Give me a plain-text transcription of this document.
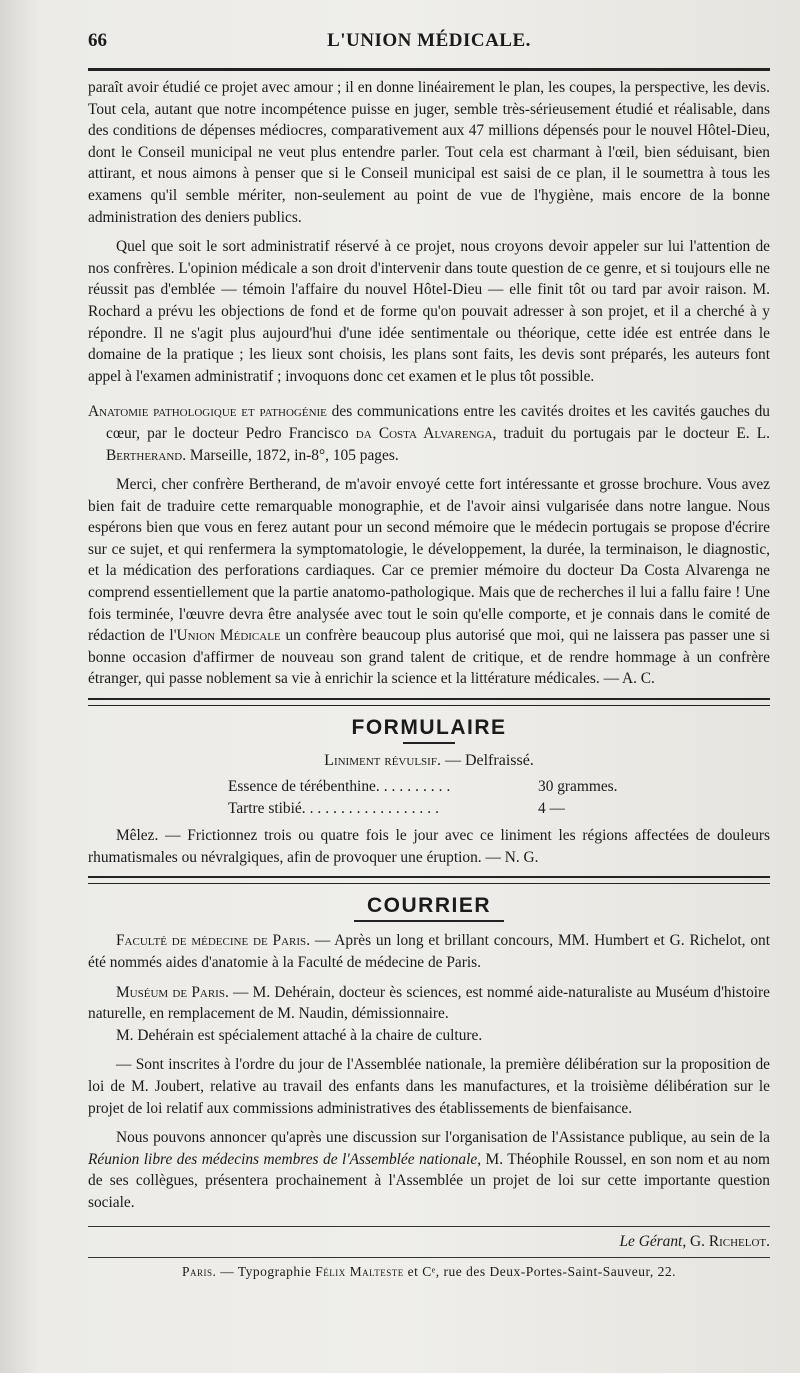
66	L'UNION MÉDICALE.

paraît avoir étudié ce projet avec amour ; il en donne linéairement le plan, les coupes, la perspective, les devis. Tout cela, autant que notre incompétence puisse en juger, semble très-sérieusement étudié et réalisable, dans des conditions de dépenses médiocres, comparativement aux 47 millions dépensés pour le nouvel Hôtel-Dieu, dont le Conseil municipal ne veut plus entendre parler. Tout cela est charmant à l'œil, bien séduisant, bien attirant, et nous aimons à penser que si le Conseil municipal est saisi de ce plan, il le soumettra à tous les examens qu'il semble mériter, non-seulement au point de vue de l'hygiène, mais encore de la bonne administration des deniers publics.

Quel que soit le sort administratif réservé à ce projet, nous croyons devoir appeler sur lui l'attention de nos confrères. L'opinion médicale a son droit d'intervenir dans toute question de ce genre, et si toujours elle ne réussit pas d'emblée — témoin l'affaire du nouvel Hôtel-Dieu — elle finit tôt ou tard par avoir raison. M. Rochard a prévu les objections de fond et de forme qu'on pouvait adresser à son projet, et il a cherché à y répondre. Il ne s'agit plus aujourd'hui d'une idée sentimentale ou théorique, cette idée est entrée dans le domaine de la pratique ; les lieux sont choisis, les plans sont faits, les devis sont préparés, les auteurs font appel à l'examen administratif ; invoquons donc cet examen et le plus tôt possible.

Anatomie pathologique et pathogénie des communications entre les cavités droites et les cavités gauches du cœur, par le docteur Pedro Francisco da Costa Alvarenga, traduit du portugais par le docteur E. L. Bertherand. Marseille, 1872, in-8°, 105 pages.

Merci, cher confrère Bertherand, de m'avoir envoyé cette fort intéressante et grosse brochure. Vous avez bien fait de traduire cette remarquable monographie, et de l'avoir ainsi vulgarisée dans notre langue. Nous espérons bien que vous en ferez autant pour un second mémoire que le médecin portugais se propose d'écrire sur ce sujet, et qui renfermera la symptomatologie, le développement, la durée, la terminaison, le diagnostic, et la médication des perforations cardiaques. Car ce premier mémoire du docteur Da Costa Alvarenga ne comprend essentiellement que la partie anatomo-pathologique. Mais que de recherches il lui a fallu faire ! Une fois terminée, l'œuvre devra être analysée avec tout le soin qu'elle comporte, et je connais dans le comité de rédaction de l'Union Médicale un confrère beaucoup plus autorisé que moi, qui ne laissera pas passer une si bonne occasion d'affirmer de nouveau son grand talent de critique, et de rendre hommage à un confrère étranger, qui passe noblement sa vie à enrichir la science et la littérature médicales. — A. C.

FORMULAIRE
Liniment révulsif. — Delfraissé.
Essence de térébenthine ..........	30 grammes.
Tartre stibié ..................	4 —

Mêlez. — Frictionnez trois ou quatre fois le jour avec ce liniment les régions affectées de douleurs rhumatismales ou névralgiques, afin de provoquer une éruption. — N. G.

COURRIER

Faculté de médecine de Paris. — Après un long et brillant concours, MM. Humbert et G. Richelot, ont été nommés aides d'anatomie à la Faculté de médecine de Paris.

Muséum de Paris. — M. Dehérain, docteur ès sciences, est nommé aide-naturaliste au Muséum d'histoire naturelle, en remplacement de M. Naudin, démissionnaire.

M. Dehérain est spécialement attaché à la chaire de culture.

— Sont inscrites à l'ordre du jour de l'Assemblée nationale, la première délibération sur la proposition de loi de M. Joubert, relative au travail des enfants dans les manufactures, et la troisième délibération sur le projet de loi relatif aux commissions administratives des établissements de bienfaisance.

Nous pouvons annoncer qu'après une discussion sur l'organisation de l'Assistance publique, au sein de la Réunion libre des médecins membres de l'Assemblée nationale, M. Théophile Roussel, en son nom et au nom de ses collègues, présentera prochainement à l'Assemblée un projet de loi sur cette importante question sociale.

Le Gérant, G. Richelot.
Paris. — Typographie Félix Malteste et Cᵉ, rue des Deux-Portes-Saint-Sauveur, 22.
